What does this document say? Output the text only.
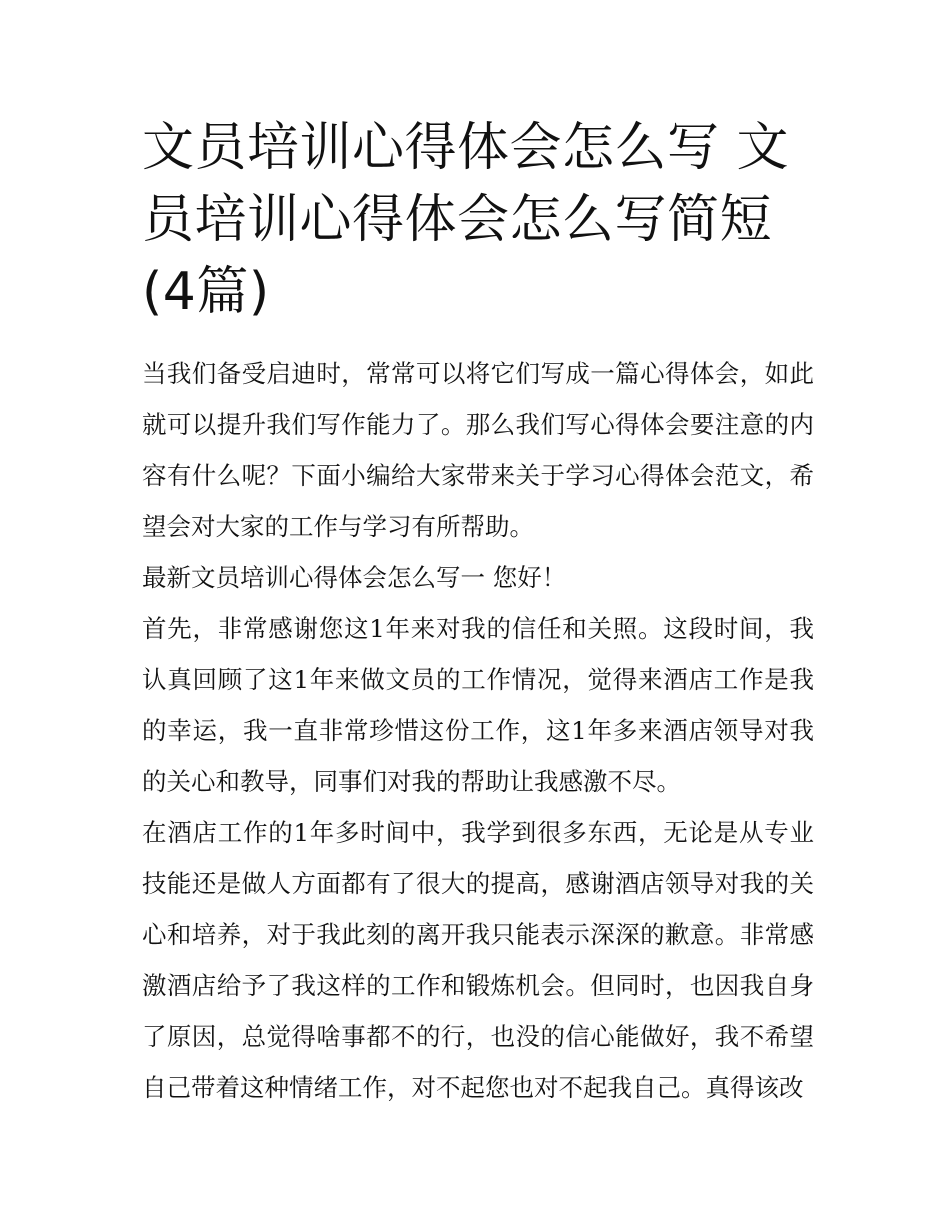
文员培训心得体会怎么写 文员培训心得体会怎么写简短(4篇)

当我们备受启迪时，常常可以将它们写成一篇心得体会，如此就可以提升我们写作能力了。那么我们写心得体会要注意的内容有什么呢？下面小编给大家带来关于学习心得体会范文，希望会对大家的工作与学习有所帮助。

最新文员培训心得体会怎么写一 您好！

首先，非常感谢您这1年来对我的信任和关照。这段时间，我认真回顾了这1年来做文员的工作情况，觉得来酒店工作是我的幸运，我一直非常珍惜这份工作，这1年多来酒店领导对我的关心和教导，同事们对我的帮助让我感激不尽。

在酒店工作的1年多时间中，我学到很多东西，无论是从专业技能还是做人方面都有了很大的提高，感谢酒店领导对我的关心和培养，对于我此刻的离开我只能表示深深的歉意。非常感激酒店给予了我这样的工作和锻炼机会。但同时，也因我自身了原因，总觉得啥事都不的行，也没的信心能做好，我不希望自己带着这种情绪工作，对不起您也对不起我自己。真得该改
